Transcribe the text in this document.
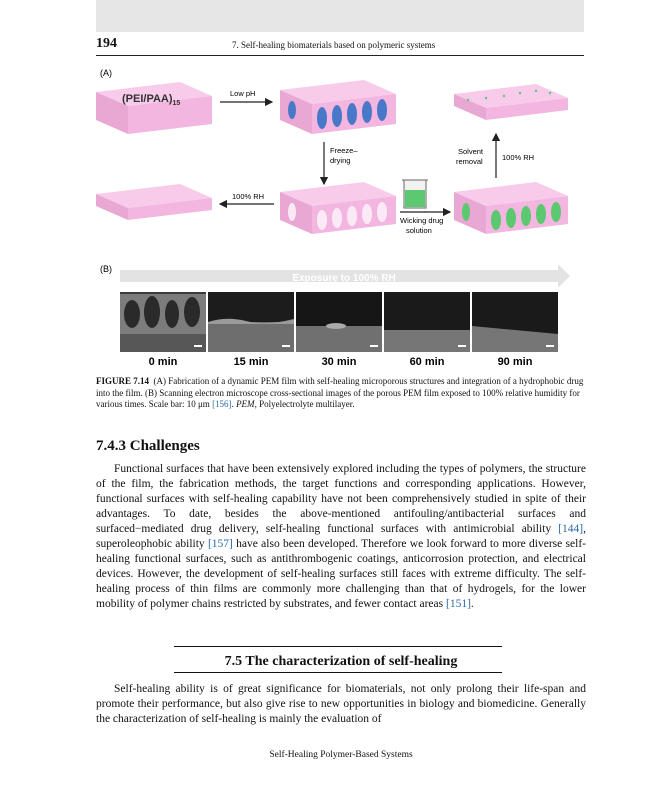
194	7. Self-healing biomaterials based on polymeric systems
(A)
$(PEI/PAA)_{15}$
Low pH
Freeze–
drying
100% RH
Wicking drug
solution
Solvent
removal	100% RH
(B)
Exposure to 100% RH
0 min	15 min	30 min	60 min	90 min
FIGURE 7.14 (A) Fabrication of a dynamic PEM film with self-healing microporous structures and integration of a hydrophobic drug into the film. (B) Scanning electron microscope cross-sectional images of the porous PEM film exposed to 100% relative humidity for various times. Scale bar: 10 μm [156]. PEM, Polyelectrolyte multilayer.
7.4.3 Challenges
Functional surfaces that have been extensively explored including the types of polymers, the structure of the film, the fabrication methods, the target functions and corresponding applications. However, functional surfaces with self-healing capability have not been comprehensively studied in spite of their advantages. To date, besides the above-mentioned antifouling/antibacterial surfaces and surfaced−mediated drug delivery, self-healing functional surfaces with antimicrobial ability [144], superoleophobic ability [157] have also been developed. Therefore we look forward to more diverse self-healing functional surfaces, such as antithrombogenic coatings, anticorrosion protection, and electrical devices. However, the development of self-healing surfaces still faces with extreme difficulty. The self-healing process of thin films are commonly more challenging than that of hydrogels, for the lower mobility of polymer chains restricted by substrates, and fewer contact areas [151].
7.5 The characterization of self-healing
Self-healing ability is of great significance for biomaterials, not only prolong their life-span and promote their performance, but also give rise to new opportunities in biology and biomedicine. Generally the characterization of self-healing is mainly the evaluation of
Self-Healing Polymer-Based Systems
